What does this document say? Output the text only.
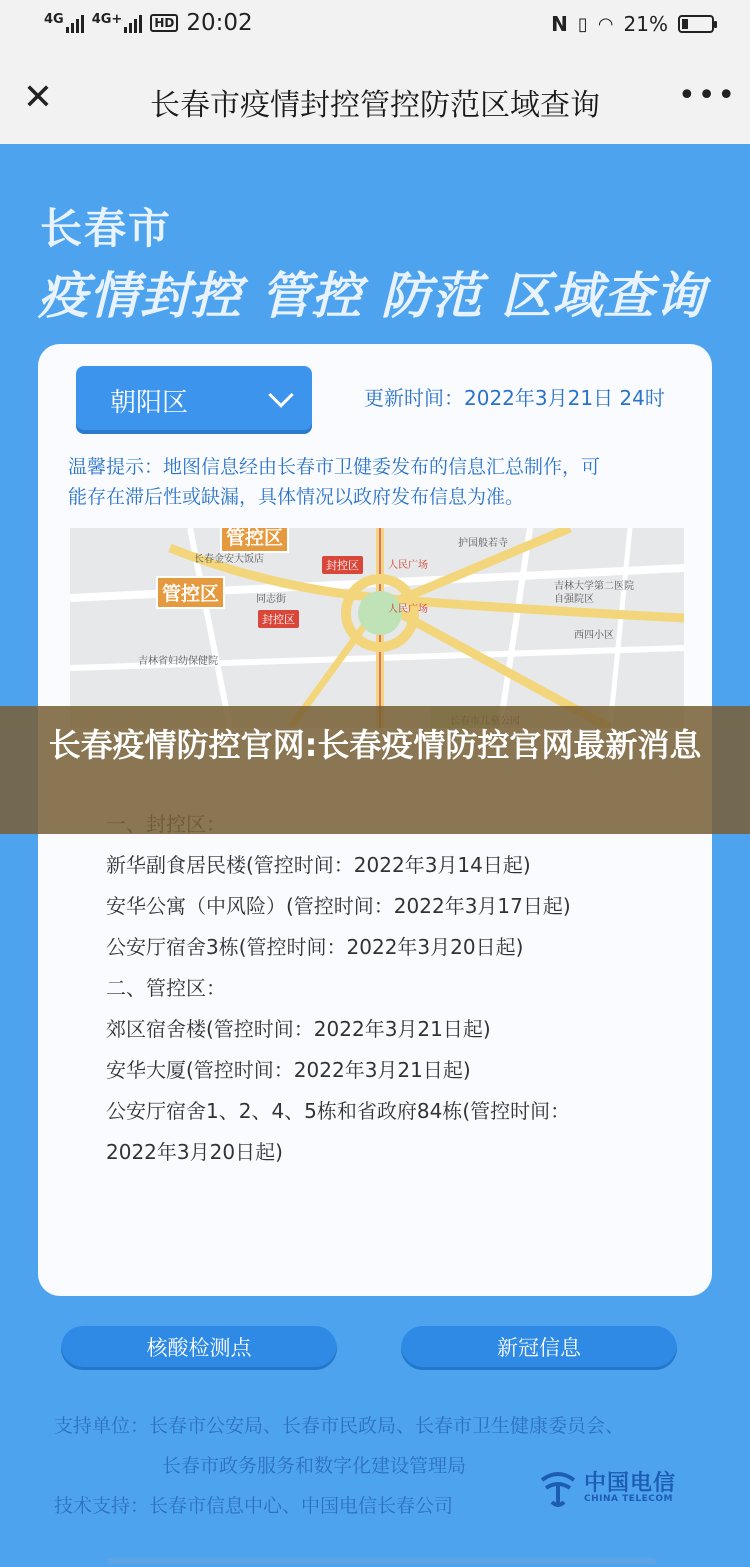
4G 4G+	HD 20:02	N ▯ ◠ 21%
✕	长春市疫情封控管控防范区域查询	•••
长春市
疫情封控 管控 防范 区域查询
朝阳区	更新时间：2022年3月21日 24时
温馨提示：地图信息经由长春市卫健委发布的信息汇总制作，可
能存在滞后性或缺漏，具体情况以政府发布信息为准。
管控区
管控区
封控区
封控区
长春金安大饭店
人民广场
人民广场
同志街
吉林省妇幼保健院
护国般若寺
吉林大学第二医院自强院区
西四小区
新华副食居民楼(管控时间：2022年3月14日起)
安华公寓（中风险）(管控时间：2022年3月17日起)
公安厅宿舍3栋(管控时间：2022年3月20日起)
二、管控区：
郊区宿舍楼(管控时间：2022年3月21日起)
安华大厦(管控时间：2022年3月21日起)
公安厅宿舍1、2、4、5栋和省政府84栋(管控时间：
2022年3月20日起)
核酸检测点	新冠信息
支持单位：长春市公安局、长春市民政局、长春市卫生健康委员会、
长春市政务服务和数字化建设管理局
技术支持：长春市信息中心、中国电信长春公司
中国电信
CHINA TELECOM
长春疫情防控官网:长春疫情防控官网最新消息
